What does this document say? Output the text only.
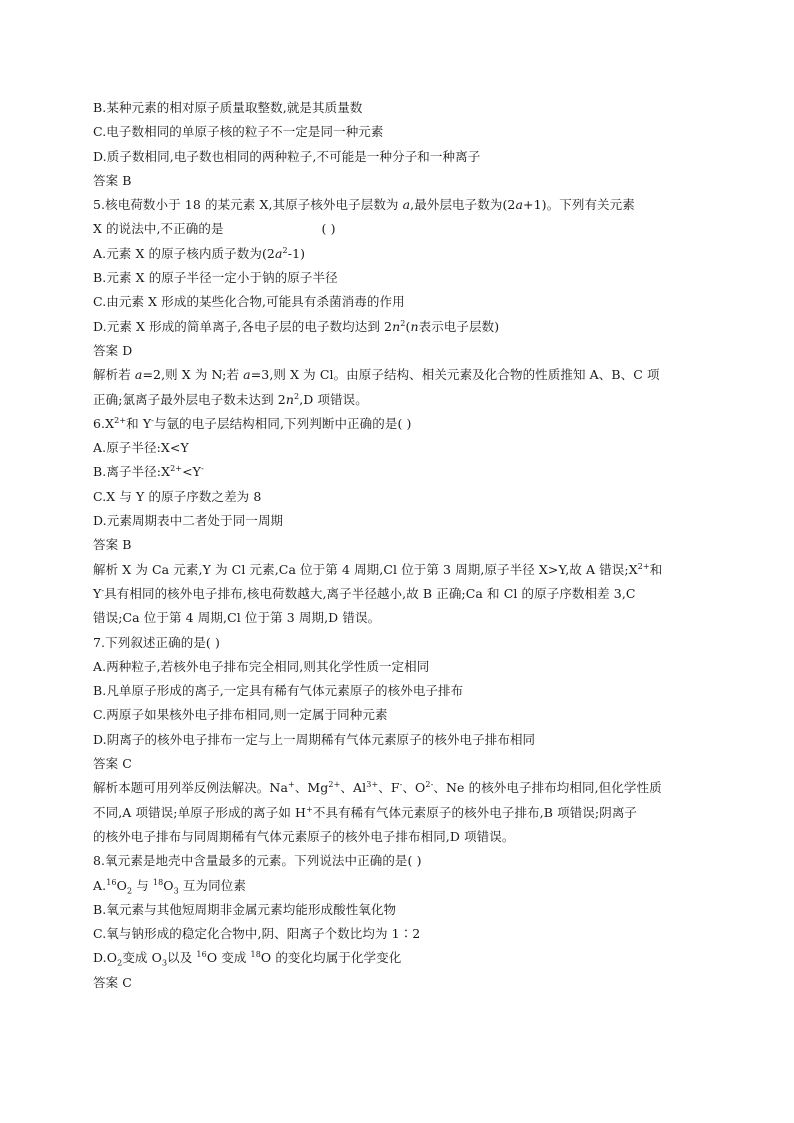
B.某种元素的相对原子质量取整数,就是其质量数
C.电子数相同的单原子核的粒子不一定是同一种元素
D.质子数相同,电子数也相同的两种粒子,不可能是一种分子和一种离子
答案 B
5.核电荷数小于 18 的某元素 X,其原子核外电子层数为 a,最外层电子数为(2a+1)。下列有关元素
X 的说法中,不正确的是	( )
A.元素 X 的原子核内质子数为$(2a^2-1)$
B.元素 X 的原子半径一定小于钠的原子半径
C.由元素 X 形成的某些化合物,可能具有杀菌消毒的作用
D.元素 X 形成的简单离子,各电子层的电子数均达到 $2n^2(n$表示电子层数)
答案 D
解析若 a=2,则 X 为 N;若 a=3,则 X 为 Cl。由原子结构、相关元素及化合物的性质推知 A、B、C 项
正确;氯离子最外层电子数未达到 $2n^2,D$ 项错误。
$6.X^{2+}$和 Y-与氩的电子层结构相同,下列判断中正确的是( )
A.原子半径:X<Y
B.离子半径$:X^{2+}<Y^-$
C.X 与 Y 的原子序数之差为 8
D.元素周期表中二者处于同一周期
答案 B
解析 X 为 Ca 元素,Y 为 Cl 元素,Ca 位于第 4 周期,Cl 位于第 3 周期,原子半径 X>Y,故 A 错误$;X^{2+}$和
Y-具有相同的核外电子排布,核电荷数越大,离子半径越小,故 B 正确;Ca 和 Cl 的原子序数相差 3,C
错误;Ca 位于第 4 周期,Cl 位于第 3 周期,D 错误。
7.下列叙述正确的是( )
A.两种粒子,若核外电子排布完全相同,则其化学性质一定相同
B.凡单原子形成的离子,一定具有稀有气体元素原子的核外电子排布
C.两原子如果核外电子排布相同,则一定属于同种元素
D.阴离子的核外电子排布一定与上一周期稀有气体元素原子的核外电子排布相同
答案 C
解析本题可用列举反例法解决。Na+、$Mg^{2+}$、$Al^{3+}$、F-、$O^{2-}$、Ne 的核外电子排布均相同,但化学性质
不同,A 项错误;单原子形成的离子如 H+不具有稀有气体元素原子的核外电子排布,B 项错误;阴离子
的核外电子排布与同周期稀有气体元素原子的核外电子排布相同,D 项错误。
8.氧元素是地壳中含量最多的元素。下列说法中正确的是( )
$A.^{16}O_2$ 与 $^{18}O_3$ 互为同位素
B.氧元素与其他短周期非金属元素均能形成酸性氧化物
C.氧与钠形成的稳定化合物中,阴、阳离子个数比均为 1∶2
$D.O_2$变成 $O_3$以及 $^{16}$O 变成 $^{18}$O 的变化均属于化学变化
答案 C
